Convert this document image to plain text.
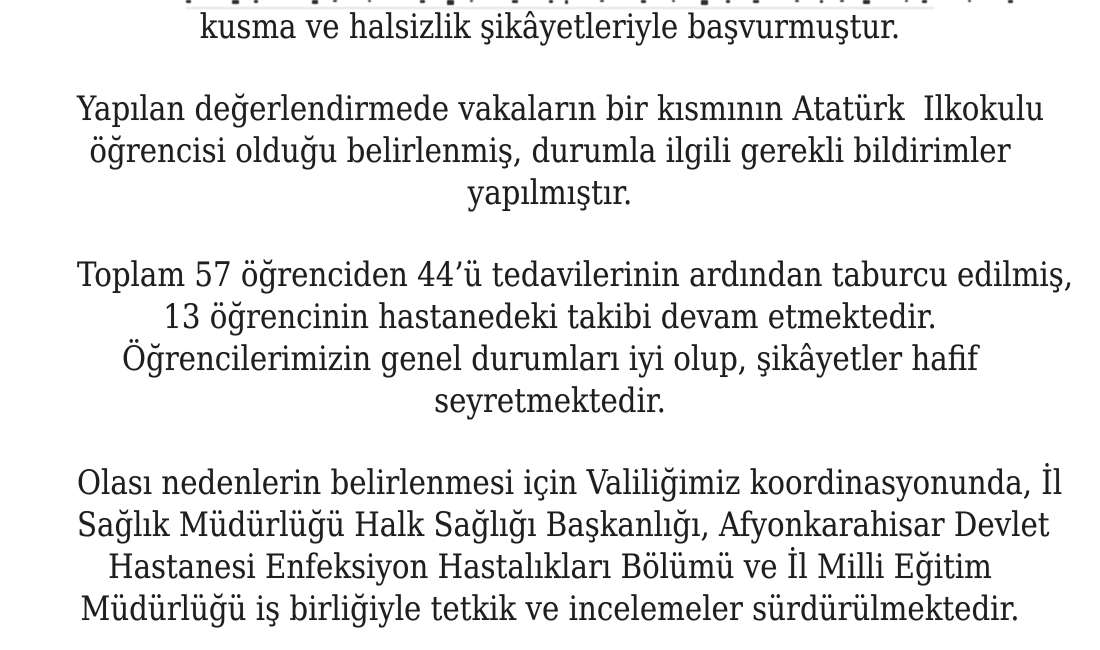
kusma ve halsizlik şikâyetleriyle başvurmuştur.
Yapılan değerlendirmede vakaların bir kısmının Atatürk  Ilkokulu
öğrencisi olduğu belirlenmiş, durumla ilgili gerekli bildirimler
yapılmıştır.
Toplam 57 öğrenciden 44’ü tedavilerinin ardından taburcu edilmiş,
13 öğrencinin hastanedeki takibi devam etmektedir.
Öğrencilerimizin genel durumları iyi olup, şikâyetler hafif
seyretmektedir.
Olası nedenlerin belirlenmesi için Valiliğimiz koordinasyonunda, İl
Sağlık Müdürlüğü Halk Sağlığı Başkanlığı, Afyonkarahisar Devlet
Hastanesi Enfeksiyon Hastalıkları Bölümü ve İl Milli Eğitim
Müdürlüğü iş birliğiyle tetkik ve incelemeler sürdürülmektedir.
